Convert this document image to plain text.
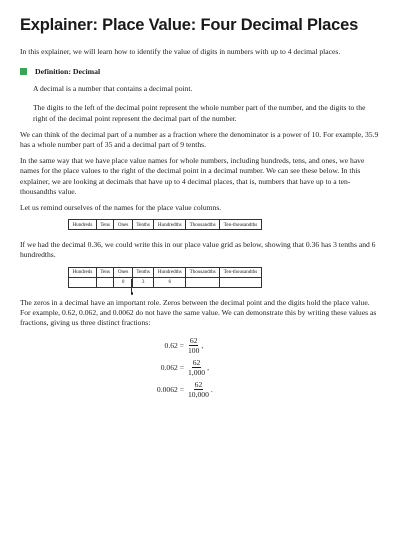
Explainer: Place Value: Four Decimal Places

In this explainer, we will learn how to identify the value of digits in numbers with up to 4 decimal places.

Definition: Decimal

A decimal is a number that contains a decimal point.

The digits to the left of the decimal point represent the whole number part of the number, and the digits to the right of the decimal point represent the decimal part of the number.

We can think of the decimal part of a number as a fraction where the denominator is a power of 10. For example, 35.9 has a whole number part of 35 and a decimal part of 9 tenths.

In the same way that we have place value names for whole numbers, including hundreds, tens, and ones, we have names for the place values to the right of the decimal point in a decimal number. We can see these below. In this explainer, we are looking at decimals that have up to 4 decimal places, that is, numbers that have up to a ten-thousandths value.

Let us remind ourselves of the names for the place value columns.

Hundreds	Tens	Ones	Tenths	Hundredths	Thousandths	Ten-thousandths

If we had the decimal 0.36, we could write this in our place value grid as below, showing that 0.36 has 3 tenths and 6 hundredths.

Hundreds	Tens	Ones	Tenths	Hundredths	Thousandths	Ten-thousandths
		0	3	6		

The zeros in a decimal have an important role. Zeros between the decimal point and the digits hold the place value. For example, 0.62, 0.062, and 0.0062 do not have the same value. We can demonstrate this by writing these values as fractions, giving us three distinct fractions:

$0.62 = \frac{62}{100}$ ,
$0.062 = \frac{62}{1,000}$ ,
$0.0062 = \frac{62}{10,000}$ .
